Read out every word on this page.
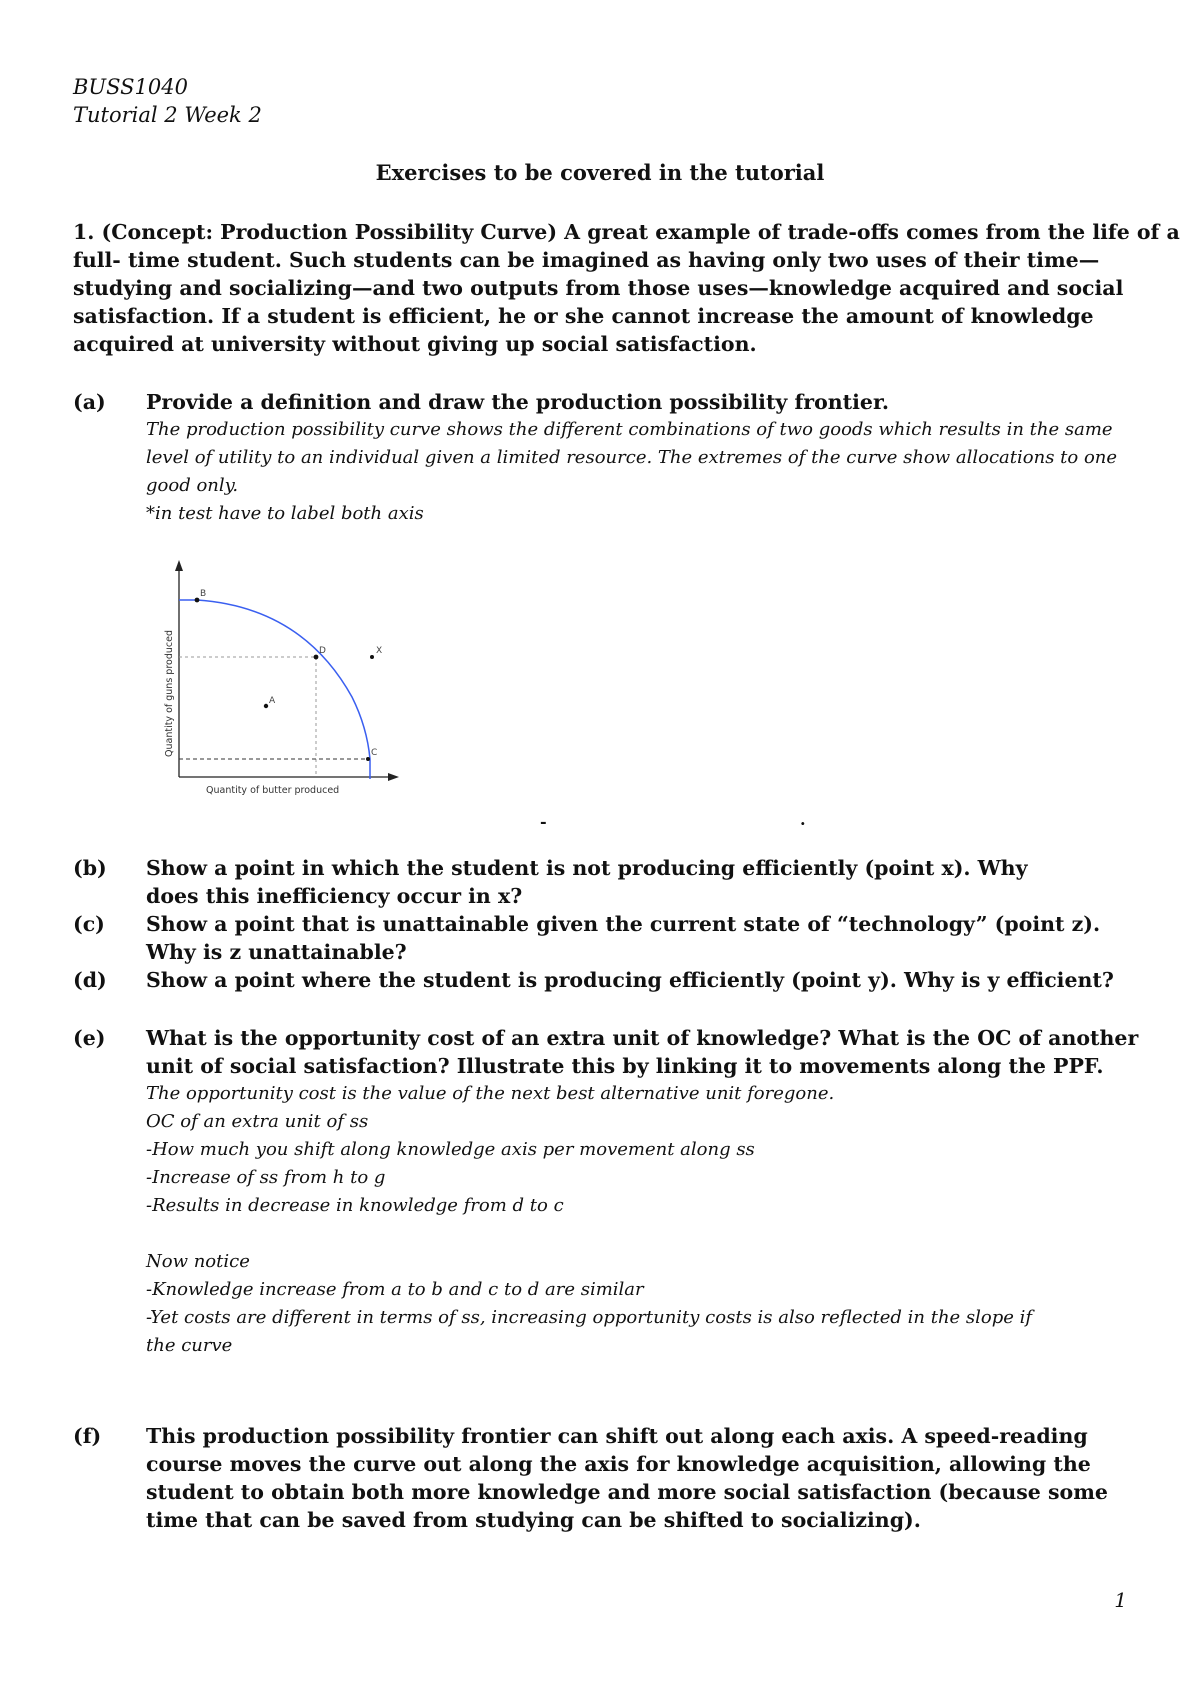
BUSS1040
Tutorial 2 Week 2
Exercises to be covered in the tutorial
1. (Concept: Production Possibility Curve) A great example of trade-offs comes from the life of a
full- time student. Such students can be imagined as having only two uses of their time—
studying and socializing—and two outputs from those uses—knowledge acquired and social
satisfaction. If a student is efficient, he or she cannot increase the amount of knowledge
acquired at university without giving up social satisfaction.
(a) Provide a definition and draw the production possibility frontier.
The production possibility curve shows the different combinations of two goods which results in the same
level of utility to an individual given a limited resource. The extremes of the curve show allocations to one
good only.
*in test have to label both axis
B
D	X
A
C
Quantity of guns produced
Quantity of butter produced
-	.
(b) Show a point in which the student is not producing efficiently (point x). Why
does this inefficiency occur in x?
(c) Show a point that is unattainable given the current state of “technology” (point z).
Why is z unattainable?
(d) Show a point where the student is producing efficiently (point y). Why is y efficient?
(e) What is the opportunity cost of an extra unit of knowledge? What is the OC of another
unit of social satisfaction? Illustrate this by linking it to movements along the PPF.
The opportunity cost is the value of the next best alternative unit foregone.
OC of an extra unit of ss
-How much you shift along knowledge axis per movement along ss
-Increase of ss from h to g
-Results in decrease in knowledge from d to c
Now notice
-Knowledge increase from a to b and c to d are similar
-Yet costs are different in terms of ss, increasing opportunity costs is also reflected in the slope if
the curve
(f) This production possibility frontier can shift out along each axis. A speed-reading
course moves the curve out along the axis for knowledge acquisition, allowing the
student to obtain both more knowledge and more social satisfaction (because some
time that can be saved from studying can be shifted to socializing).
1
